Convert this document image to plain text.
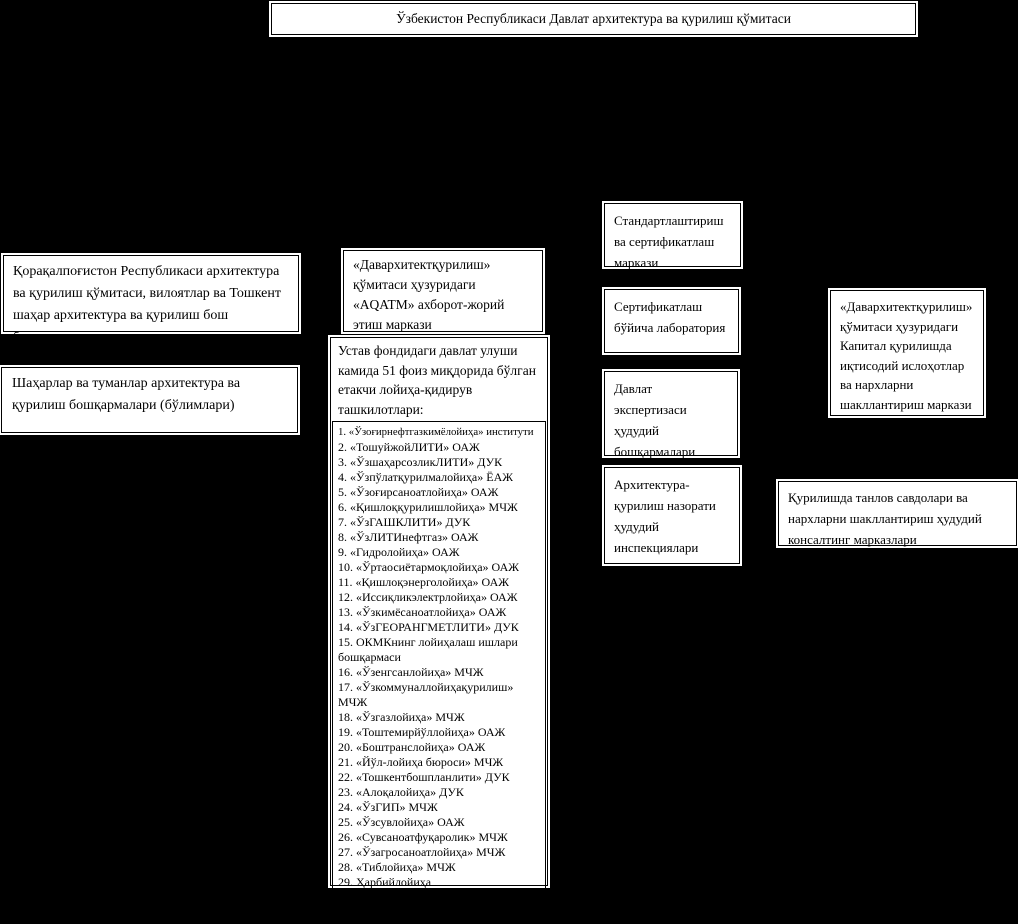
Ўзбекистон Республикаси Давлат архитектура ва қурилиш қўмитаси
Қорақалпоғистон Республикаси архитектура ва қурилиш қўмитаси, вилоятлар ва Тошкент шаҳар архитектура ва қурилиш бош бошқармалари
Шаҳарлар ва туманлар архитектура ва қурилиш бошқармалари (бўлимлари)
«Давархитектқурилиш» қўмитаси ҳузуридаги «AQATM» ахборот-жорий этиш маркази
Устав фондидаги давлат улуши камида 51 фоиз миқдорида бўлган етакчи лойиҳа-қидирув ташкилотлари:
1. «Ўзоғирнефтгазкимёлойиҳа» институти
2. «ТошуйжойЛИТИ» ОАЖ
3. «ЎзшаҳарсозликЛИТИ» ДУК
4. «Ўзпўлатқурилмалойиҳа» ЁАЖ
5. «Ўзоғирсаноатлойиҳа» ОАЖ
6. «Қишлоққурилишлойиҳа» МЧЖ
7. «ЎзГАШКЛИТИ» ДУК
8. «ЎзЛИТИнефтгаз» ОАЖ
9. «Гидролойиҳа» ОАЖ
10. «Ўртаосиётармоқлойиҳа» ОАЖ
11. «Қишлоқэнерголойиҳа» ОАЖ
12. «Иссиқликэлектрлойиҳа» ОАЖ
13. «Ўзкимёсаноатлойиҳа» ОАЖ
14. «ЎзГЕОРАНГМЕТЛИТИ» ДУК
15. ОКМКнинг лойиҳалаш ишлари бошқармаси
16. «Ўзенгсанлойиҳа» МЧЖ
17. «Ўзкоммуналлойиҳақурилиш» МЧЖ
18. «Ўзгазлойиҳа» МЧЖ
19. «Тоштемирйўллойиҳа» ОАЖ
20. «Боштранслойиҳа» ОАЖ
21. «Йўл-лойиҳа бюроси» МЧЖ
22. «Тошкентбошпланлити» ДУК
23. «Алоқалойиҳа» ДУК
24. «ЎзГИП» МЧЖ
25. «Ўзсувлойиҳа» ОАЖ
26. «Сувсаноатфуқаролик» МЧЖ
27. «Ўзагросаноатлойиҳа» МЧЖ
28. «Тиблойиҳа» МЧЖ
29. Ҳарбийлойиҳа
30. «Чегаралойиҳа» ЁАЖ
31. «Тошгипрогор» ОАЖ
Стандартлаштириш ва сертификатлаш маркази
Сертификатлаш бўйича лаборатория
Давлат экспертизаси ҳудудий бошқармалари
Архитектура-қурилиш назорати ҳудудий инспекциялари
«Давархитектқурилиш» қўмитаси ҳузуридаги Капитал қурилишда иқтисодий ислоҳотлар ва нархларни шакллантириш маркази
Қурилишда танлов савдолари ва нархларни шакллантириш ҳудудий консалтинг марказлари
